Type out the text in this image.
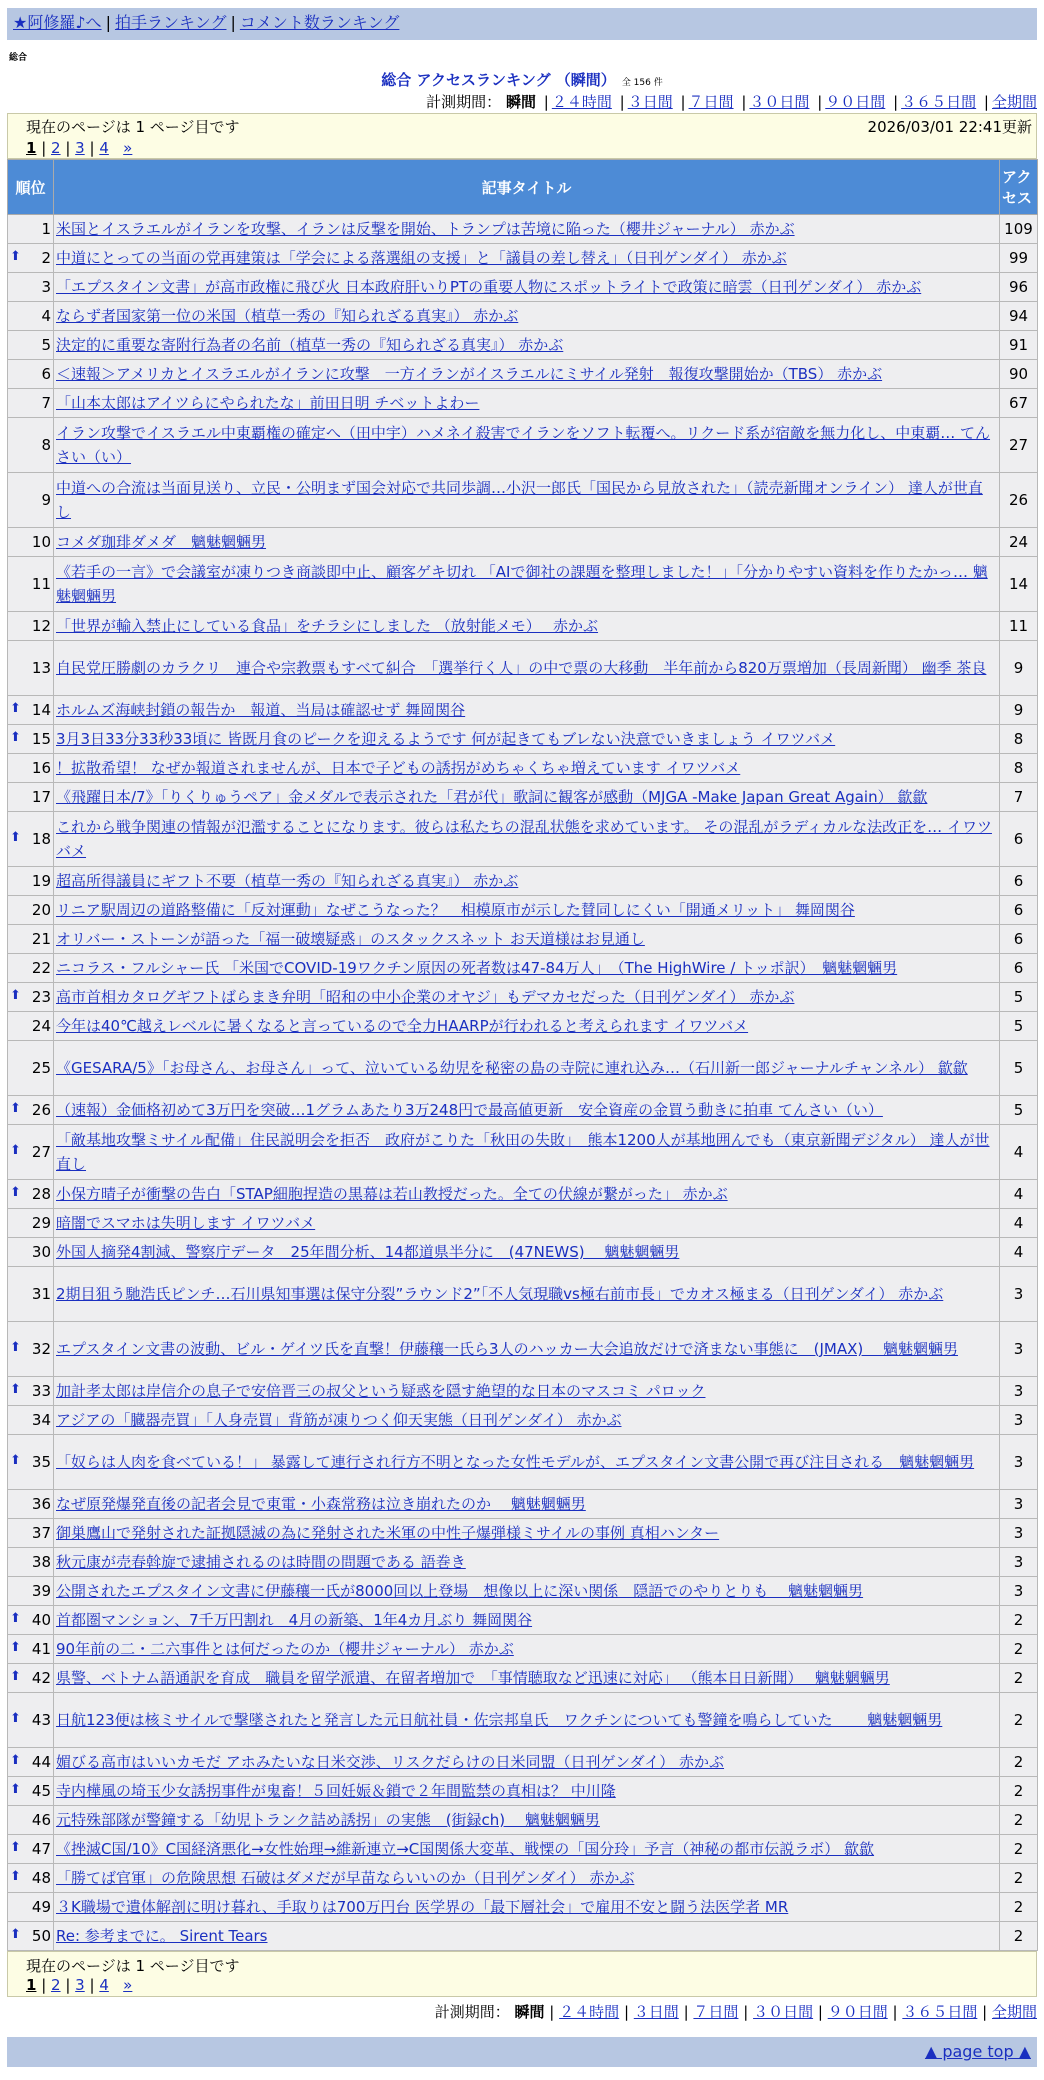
★阿修羅♪へ | 拍手ランキング | コメント数ランキング
総合
総合 アクセスランキング （瞬間） 全 156 件
計測期間： 瞬間 | ２４時間 | ３日間 | ７日間 | ３０日間 | ９０日間 | ３６５日間 | 全期間
現在のページは 1 ページ目です	2026/03/01 22:41更新
1 | 2 | 3 | 4 »
順位	記事タイトル	アクセス
1	米国とイスラエルがイランを攻撃、イランは反撃を開始、トランプは苦境に陥った（櫻井ジャーナル） 赤かぶ	109

⬆ 2	中道にとっての当面の党再建策は「学会による落選組の支援」と「議員の差し替え」（日刊ゲンダイ） 赤かぶ	99
3	「エプスタイン文書」が高市政権に飛び火 日本政府肝いりPTの重要人物にスポットライトで政策に暗雲（日刊ゲンダイ） 赤かぶ	96
4	ならず者国家第一位の米国（植草一秀の『知られざる真実』） 赤かぶ	94
5	決定的に重要な寄附行為者の名前（植草一秀の『知られざる真実』） 赤かぶ	91
6	＜速報＞アメリカとイスラエルがイランに攻撃　一方イランがイスラエルにミサイル発射　報復攻撃開始か（TBS） 赤かぶ	90
7	「山本太郎はアイツらにやられたな」前田日明 チベットよわー	67
8	イラン攻撃でイスラエル中東覇権の確定へ（田中宇）ハメネイ殺害でイランをソフト転覆へ。リクード系が宿敵を無力化し、中東覇… てんさい（い）	27
9	中道への合流は当面見送り、立民・公明まず国会対応で共同歩調…小沢一郎氏「国民から見放された」（読売新聞オンライン） 達人が世直し	26
10	コメダ珈琲ダメダ　魑魅魍魎男	24
11	《若手の一言》で会議室が凍りつき商談即中止、顧客ゲキ切れ 「AIで御社の課題を整理しました！」「分かりやすい資料を作りたかっ… 魑魅魍魎男	14
12	「世界が輸入禁止にしている食品」をチラシにしました （放射能メモ）　 赤かぶ	11
13	自民党圧勝劇のカラクリ　連合や宗教票もすべて糾合　「選挙行く人」の中で票の大移動　半年前から820万票増加（長周新聞） 幽季 茶良	9

⬆ 14	ホルムズ海峡封鎖の報告か　報道、当局は確認せず 舞岡関谷	9

⬆ 15	3月3日33分33秒33頃に 皆既月食のピークを迎えるようです 何が起きてもブレない決意でいきましょう イワツバメ	8
16	！拡散希望！ なぜか報道されませんが、日本で子どもの誘拐がめちゃくちゃ増えています イワツバメ	8
17	《飛躍日本/7》「りくりゅうペア」金メダルで表示された「君が代」歌詞に観客が感動（MJGA -Make Japan Great Again） 歙歙	7

⬆ 18	これから戦争関連の情報が氾濫することになります。彼らは私たちの混乱状態を求めています。 その混乱がラディカルな法改正を… イワツバメ	6
19	超高所得議員にギフト不要（植草一秀の『知られざる真実』） 赤かぶ	6
20	リニア駅周辺の道路整備に「反対運動」なぜこうなった？　相模原市が示した賛同しにくい「開通メリット」 舞岡関谷	6
21	オリバー・ストーンが語った「福一破壊疑惑」のスタックスネット お天道様はお見通し	6
22	ニコラス・フルシャー氏 「米国でCOVID-19ワクチン原因の死者数は47-84万人」　（The HighWire / トッポ訳）　魑魅魍魎男	6

⬆ 23	高市首相カタログギフトばらまき弁明「昭和の中小企業のオヤジ」もデマカセだった（日刊ゲンダイ） 赤かぶ	5
24	今年は40℃越えレベルに暑くなると言っているので全力HAARPが行われると考えられます イワツバメ	5
25	《GESARA/5》「お母さん、お母さん」って、泣いている幼児を秘密の島の寺院に連れ込み…（石川新一郎ジャーナルチャンネル） 歙歙	5

⬆ 26	（速報）金価格初めて3万円を突破…1グラムあたり3万248円で最高値更新　安全資産の金買う動きに拍車 てんさい（い）	5

⬆ 27	「敵基地攻撃ミサイル配備」住民説明会を拒否　政府がこりた「秋田の失敗」　熊本1200人が基地囲んでも（東京新聞デジタル） 達人が世直し	4

⬆ 28	小保方晴子が衝撃の告白「STAP細胞捏造の黒幕は若山教授だった。全ての伏線が繋がった」 赤かぶ	4
29	暗闇でスマホは失明します イワツバメ	4
30	外国人摘発4割減、警察庁データ　25年間分析、14都道県半分に　(47NEWS)　 魑魅魍魎男	4
31	2期目狙う馳浩氏ピンチ…石川県知事選は保守分裂”ラウンド2”「不人気現職vs極右前市長」でカオス極まる（日刊ゲンダイ） 赤かぶ	3

⬆ 32	エプスタイン文書の波動、ビル・ゲイツ氏を直撃！伊藤穰一氏ら3人のハッカー大会追放だけで済まない事態に　(JMAX)　 魑魅魍魎男	3

⬆ 33	加計孝太郎は岸信介の息子で安倍晋三の叔父という疑惑を隠す絶望的な日本のマスコミ パロック	3
34	アジアの「臓器売買」「人身売買」背筋が凍りつく仰天実態（日刊ゲンダイ） 赤かぶ	3

⬆ 35	「奴らは人肉を食べている！」 暴露して連行され行方不明となった女性モデルが、エプスタイン文書公開で再び注目される　魑魅魍魎男	3
36	なぜ原発爆発直後の記者会見で東電・小森常務は泣き崩れたのか　 魑魅魍魎男	3
37	御巣鷹山で発射された証拠隠滅の為に発射された米軍の中性子爆弾様ミサイルの事例 真相ハンター	3
38	秋元康が売春斡旋で逮捕されるのは時間の問題である 語巻き	3
39	公開されたエプスタイン文書に伊藤穰一氏が8000回以上登場　想像以上に深い関係　隠語でのやりとりも　 魑魅魍魎男	3

⬆ 40	首都圏マンション、7千万円割れ　4月の新築、1年4カ月ぶり 舞岡関谷	2

⬆ 41	90年前の二・二六事件とは何だったのか（櫻井ジャーナル） 赤かぶ	2

⬆ 42	県警、ベトナム語通訳を育成　職員を留学派遣、在留者増加で　「事情聴取など迅速に対応」 （熊本日日新聞）　 魑魅魍魎男	2

⬆ 43	日航123便は核ミサイルで撃墜されたと発言した元日航社員・佐宗邦皇氏　ワクチンについても警鐘を鳴らしていた　　 魑魅魍魎男	2

⬆ 44	媚びる高市はいいカモだ アホみたいな日米交渉、リスクだらけの日米同盟（日刊ゲンダイ） 赤かぶ	2

⬆ 45	寺内樺風の埼玉少女誘拐事件が鬼畜！５回妊娠＆鎖で２年間監禁の真相は？ 中川隆	2
46	元特殊部隊が警鐘する「幼児トランク詰め誘拐」の実態　(街録ch)　 魑魅魍魎男	2

⬆ 47	《挫滅C国/10》C国経済悪化→女性始理→維新連立→C国関係大変革、戦慄の「国分玲」予言（神秘の都市伝説ラボ） 歙歙	2

⬆ 48	「勝てば官軍」の危険思想 石破はダメだが早苗ならいいのか（日刊ゲンダイ） 赤かぶ	2
49	３K職場で遺体解剖に明け暮れ、手取りは700万円台 医学界の「最下層社会」で雇用不安と闘う法医学者 MR	2

⬆ 50	Re: 参考までに。 Sirent Tears	2
現在のページは 1 ページ目です
1 | 2 | 3 | 4 »
計測期間： 瞬間 | ２４時間 | ３日間 | ７日間 | ３０日間 | ９０日間 | ３６５日間 | 全期間
▲ page top ▲
